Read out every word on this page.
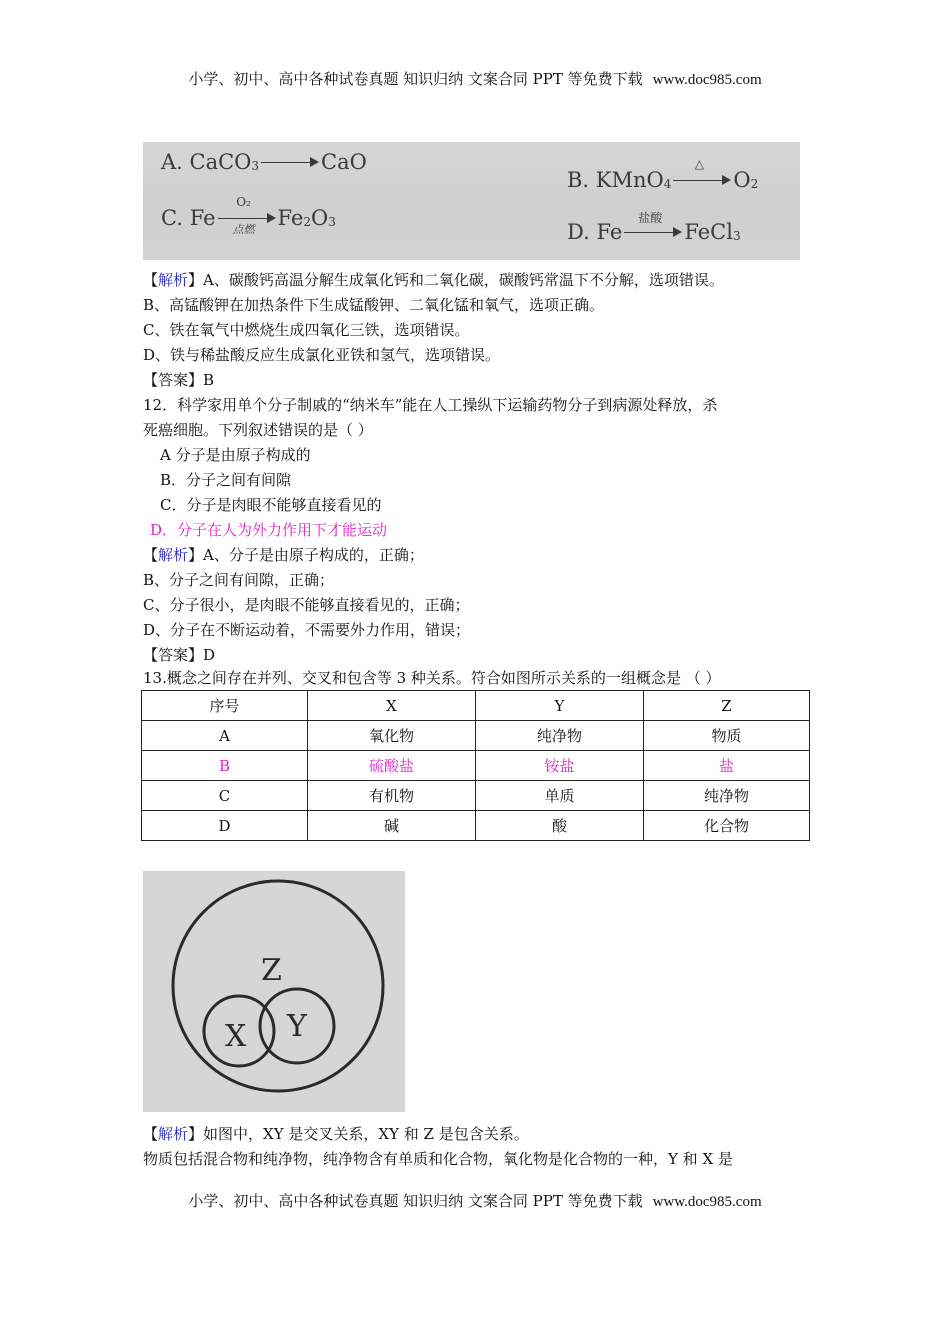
小学、初中、高中各种试卷真题 知识归纳 文案合同 PPT 等免费下载 www.doc985.com
A.
CaCO$_3$	CaO
B.
KMnO$_4$
△
$O_2$
C.
Fe
O₂
点燃	$Fe_2$ $O_3$	D.
Fe
盐酸
FeCl$_3$
【解析】A、碳酸钙高温分解生成氧化钙和二氧化碳，碳酸钙常温下不分解，选项错误。
B、高锰酸钾在加热条件下生成锰酸钾、二氧化锰和氧气，选项正确。
C、铁在氧气中燃烧生成四氧化三铁，选项错误。
D、铁与稀盐酸反应生成氯化亚铁和氢气，选项错误。
【答案】B
12．科学家用单个分子制戚的“纳米车”能在人工操纵下运输药物分子到病源处释放，杀
死癌细胞。下列叙述错误的是（ ）
A 分子是由原子构成的
B．分子之间有间隙
C．分子是肉眼不能够直接看见的
D．分子在人为外力作用下才能运动
【解析】A、分子是由原子构成的，正确；
B、分子之间有间隙，正确；
C、分子很小，是肉眼不能够直接看见的，正确；
D、分子在不断运动着，不需要外力作用，错误；
【答案】D
13.概念之间存在并列、交叉和包含等 3 种关系。符合如图所示关系的一组概念是 （ ）
序号	X	Y	Z
A	氧化物	纯净物	物质
B	硫酸盐	铵盐	盐
C	有机物	单质	纯净物
D	碱	酸	化合物
Z
X Y
【解析】如图中，XY 是交叉关系，XY 和 Z 是包含关系。
物质包括混合物和纯净物，纯净物含有单质和化合物，氧化物是化合物的一种，Y 和 X 是
小学、初中、高中各种试卷真题 知识归纳 文案合同 PPT 等免费下载 www.doc985.com
